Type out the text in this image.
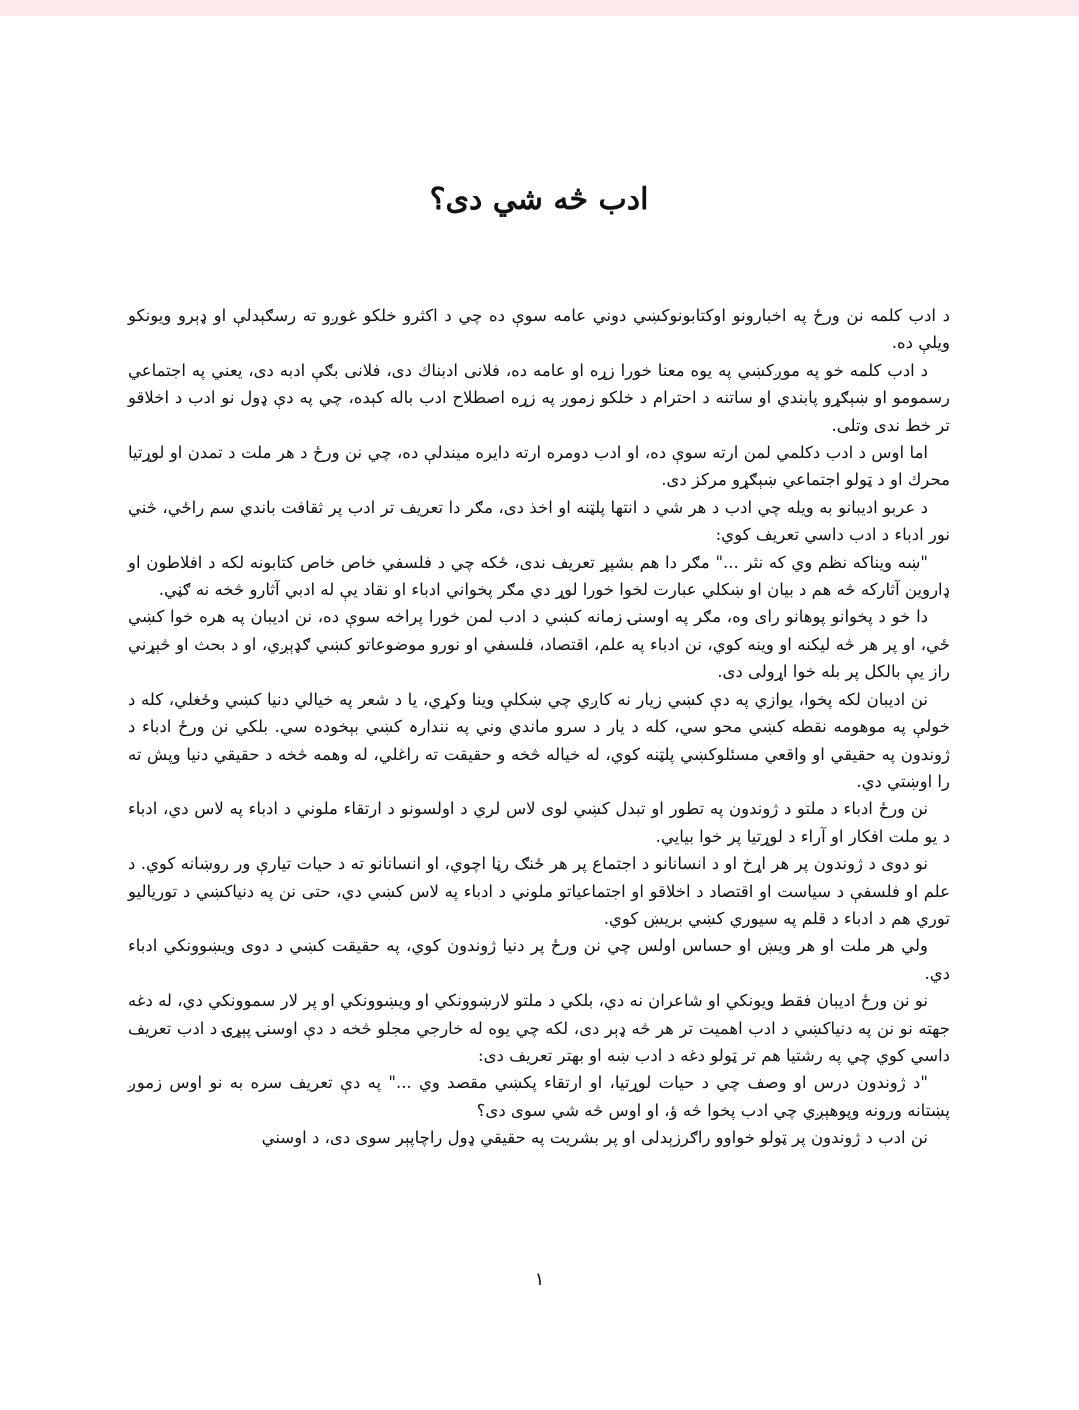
ادب څه شي دی؟

د ادب کلمه نن ورځ په اخبارونو اوکتابونوکښي دوني عامه سوې ده چي د اکثرو خلکو غوږو ته رسګېدلې او ډېرو ویونکو ویلې ده.

د ادب کلمه خو په موږکښي په یوه معنا خورا زړه او عامه ده، فلانی ادبناك دی، فلانی بګې ادبه دی، یعني په اجتماعي رسمومو او ښېګړو پابندي او ساتنه د احترام د خلکو زموږ په زړه اصطلاح ادب باله کېده، چي په دې ډول نو ادب د اخلاقو تر خط ندی وتلی.

اما اوس د ادب دکلمي لمن ارته سوې ده، او ادب دومره ارته دایره میندلې ده، چي نن ورځ د هر ملت د تمدن او لوړتیا محرك او د ټولو اجتماعي ښېګړو مرکز دی.

د عربو ادیبانو به ویله چي ادب د هر شي د انتها پلټنه او اخذ دی، مګر دا تعریف تر ادب پر ثقافت باندي سم راځي، څني نور ادباء د ادب داسي تعریف کوي:

"ښه ویناکه نظم وي که نثر ..." مګر دا هم بشپړ تعریف ندی، ځکه چي د فلسفي خاص خاص کتابونه لکه د افلاطون او ډاروین آثارکه څه هم د بیان او ښکلي عبارت لخوا خورا لوړ دي مګر پخواني ادباء او نقاد یې له ادبي آثارو څخه نه ګڼي.

دا خو د پخوانو پوهانو رای وه، مګر په اوسنۍ زمانه کښي د ادب لمن خورا پراخه سوې ده، نن ادیبان په هره خوا کښي ځي، او پر هر څه لیکنه او وینه کوي، نن ادباء په علم، اقتصاد، فلسفي او نورو موضوعاتو کښي ګډېږي، او د بحث او څېړني راز یې بالکل پر بله خوا اړولی دی.

نن ادیبان لکه پخوا، یوازي په دې کښي زیار نه کاږي چي ښکلې وینا وکړي، یا د شعر په خیالي دنیا کښي وځغلي، کله د خولې په موهومه نقطه کښي محو سي، کله د یار د سرو ماندي وني په نندارہ کښي بېخوده سي. بلکي نن ورځ ادباء د ژوندون په حقیقي او واقعي مسئلوکښي پلټنه کوي، له خیاله څخه و حقیقت ته راغلي، له وهمه څخه د حقیقي دنیا وپش ته را اوښتي دي.

نن ورځ ادباء د ملتو د ژوندون په تطور او تبدل کښي لوی لاس لري د اولسونو د ارتقاء ملوني د ادباء په لاس دي، ادباء د یو ملت افکار او آراء د لوړتیا پر خوا بیايي.

نو دوی د ژوندون پر هر اړخ او د انسانانو د اجتماع پر هر ځنګ رڼا اچوي، او انسانانو ته د حیات تیارې ور روښانه کوي. د علم او فلسفې د سیاست او اقتصاد د اخلاقو او اجتماعیاتو ملوني د ادباء په لاس کښي دي، حتی نن په دنیاکښي د توریالیو توري هم د ادباء د قلم په سیوري کښي بریښ کوي.

ولي هر ملت او هر ویښ او حساس اولس چي نن ورځ پر دنیا ژوندون کوي، په حقیقت کښي د دوی ویښوونکي ادباء دي.

نو نن ورځ ادیبان فقط ویونکي او شاعران نه دي، بلکي د ملتو لارښوونکي او ویښوونکي او پر لار سموونکي دي، له دغه جهته نو نن په دنیاکښي د ادب اهمیت تر هر څه ډېر دی، لکه چي یوه له خارجي مجلو څخه د دې اوسنۍ پېړۍ د ادب تعریف داسي کوي چي په رشتیا هم تر ټولو دغه د ادب ښه او بهتر تعریف دی:

"د ژوندون درس او وصف چي د حیات لوړتیا، او ارتقاء پکښي مقصد وي ..." په دې تعریف سره به نو اوس زموږ پښتانه ورونه وپوهېږي چي ادب پخوا څه ؤ، او اوس څه شي سوی دی؟

نن ادب د ژوندون پر ټولو خواوو راګرزېدلی او پر بشریت په حقیقي ډول راچاپېر سوی دی، د اوسني

١
